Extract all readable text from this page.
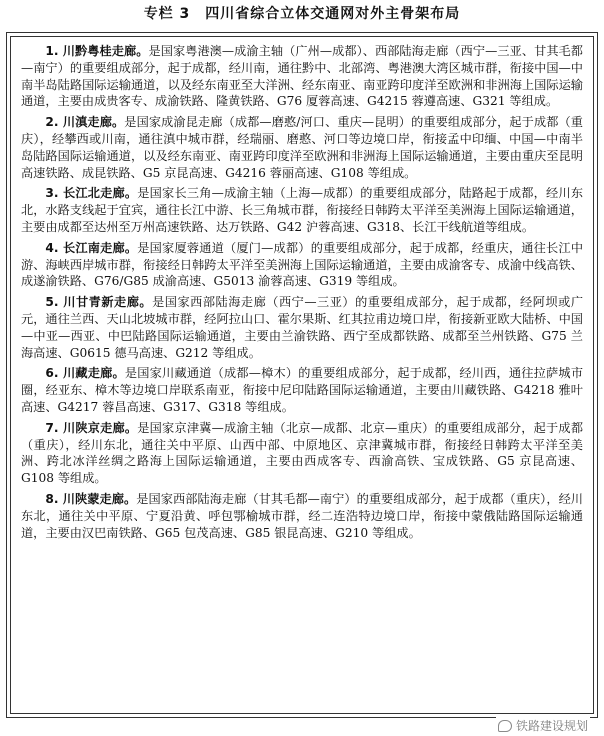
专栏 3　四川省综合立体交通网对外主骨架布局

1. 川黔粤桂走廊。是国家粤港澳—成渝主轴（广州—成都）、西部陆海走廊（西宁—三亚、甘其毛都—南宁）的重要组成部分，起于成都，经川南，通往黔中、北部湾、粤港澳大湾区城市群，衔接中国—中南半岛陆路国际运输通道，以及经东南亚至大洋洲、经东南亚、南亚跨印度洋至欧洲和非洲海上国际运输通道，主要由成贵客专、成渝铁路、隆黄铁路、G76 厦蓉高速、G4215 蓉遵高速、G321 等组成。

2. 川滇走廊。是国家成渝昆走廊（成都—磨憨/河口、重庆—昆明）的重要组成部分，起于成都（重庆），经攀西或川南，通往滇中城市群，经瑞丽、磨憨、河口等边境口岸，衔接孟中印缅、中国—中南半岛陆路国际运输通道，以及经东南亚、南亚跨印度洋至欧洲和非洲海上国际运输通道，主要由重庆至昆明高速铁路、成昆铁路、G5 京昆高速、G4216 蓉丽高速、G108 等组成。

3. 长江北走廊。是国家长三角—成渝主轴（上海—成都）的重要组成部分，陆路起于成都，经川东北，水路支线起于宜宾，通往长江中游、长三角城市群，衔接经日韩跨太平洋至美洲海上国际运输通道，主要由成都至达州至万州高速铁路、达万铁路、G42 沪蓉高速、G318、长江干线航道等组成。

4. 长江南走廊。是国家厦蓉通道（厦门—成都）的重要组成部分，起于成都，经重庆，通往长江中游、海峡西岸城市群，衔接经日韩跨太平洋至美洲海上国际运输通道，主要由成渝客专、成渝中线高铁、成遂渝铁路、G76/G85 成渝高速、G5013 渝蓉高速、G319 等组成。

5. 川甘青新走廊。是国家西部陆海走廊（西宁—三亚）的重要组成部分，起于成都，经阿坝或广元，通往兰西、天山北坡城市群，经阿拉山口、霍尔果斯、红其拉甫边境口岸，衔接新亚欧大陆桥、中国—中亚—西亚、中巴陆路国际运输通道，主要由兰渝铁路、西宁至成都铁路、成都至兰州铁路、G75 兰海高速、G0615 德马高速、G212 等组成。

6. 川藏走廊。是国家川藏通道（成都—樟木）的重要组成部分，起于成都，经川西，通往拉萨城市圈，经亚东、樟木等边境口岸联系南亚，衔接中尼印陆路国际运输通道，主要由川藏铁路、G4218 雅叶高速、G4217 蓉昌高速、G317、G318 等组成。

7. 川陕京走廊。是国家京津冀—成渝主轴（北京—成都、北京—重庆）的重要组成部分，起于成都（重庆），经川东北，通往关中平原、山西中部、中原地区、京津冀城市群，衔接经日韩跨太平洋至美洲、跨北冰洋丝绸之路海上国际运输通道，主要由西成客专、西渝高铁、宝成铁路、G5 京昆高速、G108 等组成。

8. 川陕蒙走廊。是国家西部陆海走廊（甘其毛都—南宁）的重要组成部分，起于成都（重庆），经川东北，通往关中平原、宁夏沿黄、呼包鄂榆城市群，经二连浩特边境口岸，衔接中蒙俄陆路国际运输通道，主要由汉巴南铁路、G65 包茂高速、G85 银昆高速、G210 等组成。

铁路建设规划
